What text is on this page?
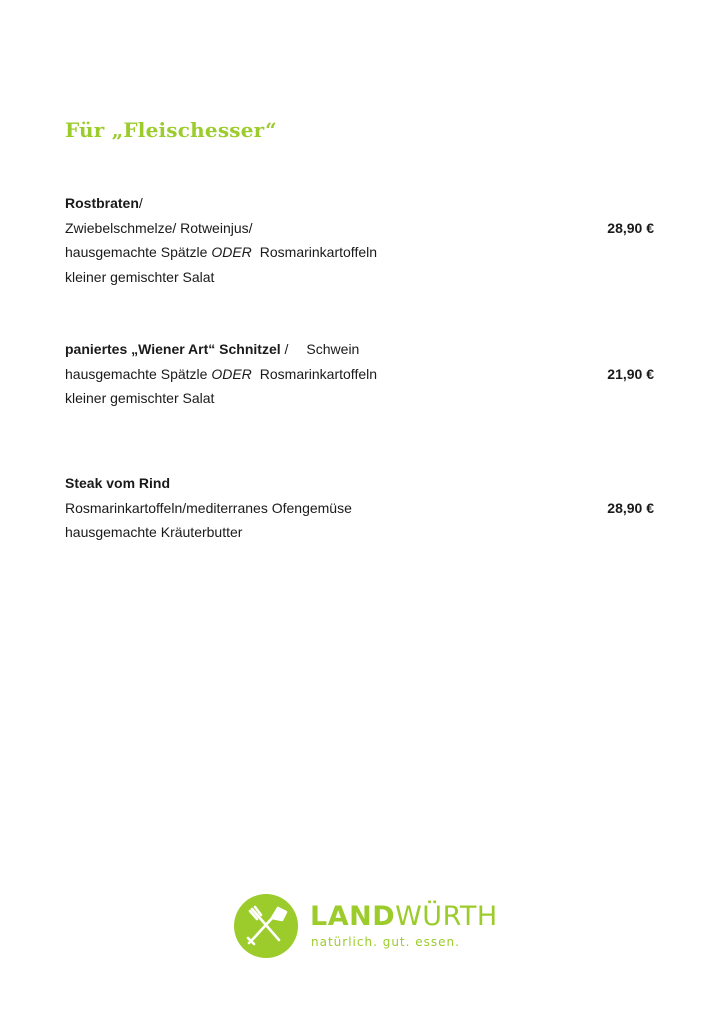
Für „Fleischesser“
Rostbraten/
Zwiebelschmelze/ Rotweinjus/	28,90 €
hausgemachte Spätzle ODER Rosmarinkartoffeln
kleiner gemischter Salat
paniertes „Wiener Art“ Schnitzel / Schwein
hausgemachte Spätzle ODER Rosmarinkartoffeln	21,90 €
kleiner gemischter Salat
Steak vom Rind
Rosmarinkartoffeln/mediterranes Ofengemüse	28,90 €
hausgemachte Kräuterbutter
LANDWÜRTH
natürlich. gut. essen.
